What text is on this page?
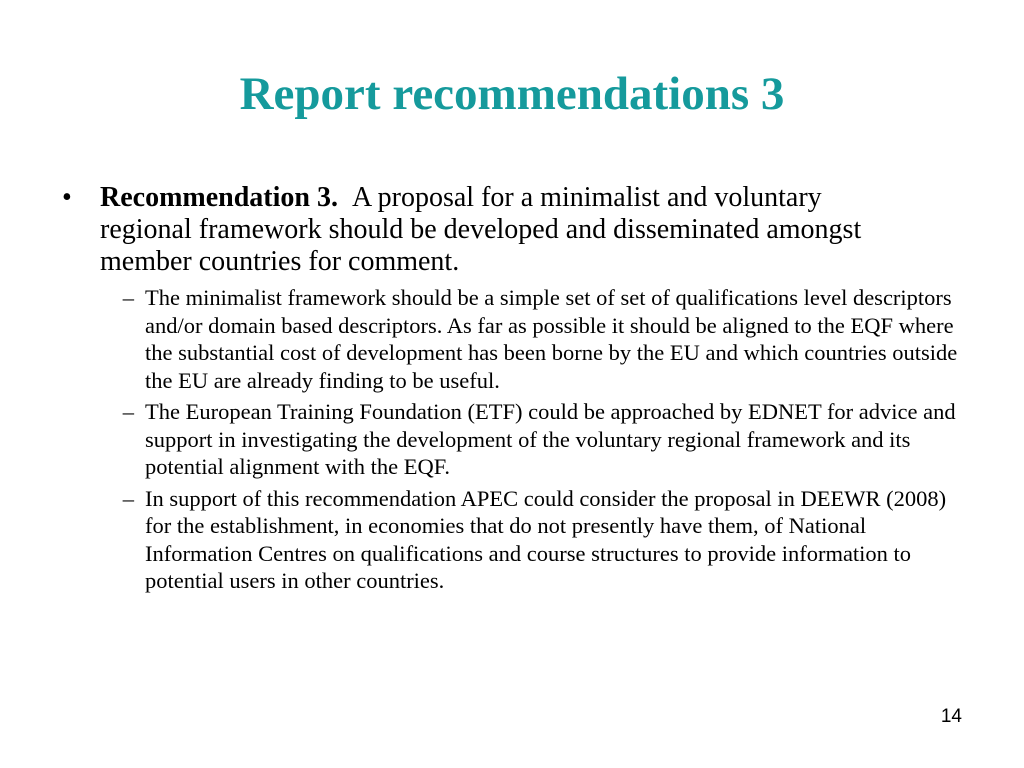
Report recommendations 3
•	Recommendation 3. A proposal for a minimalist and voluntary regional framework should be developed and disseminated amongst member countries for comment.
– The minimalist framework should be a simple set of set of qualifications level descriptors and/or domain based descriptors. As far as possible it should be aligned to the EQF where the substantial cost of development has been borne by the EU and which countries outside the EU are already finding to be useful.
– The European Training Foundation (ETF) could be approached by EDNET for advice and support in investigating the development of the voluntary regional framework and its potential alignment with the EQF.
– In support of this recommendation APEC could consider the proposal in DEEWR (2008) for the establishment, in economies that do not presently have them, of National Information Centres on qualifications and course structures to provide information to potential users in other countries.
14
